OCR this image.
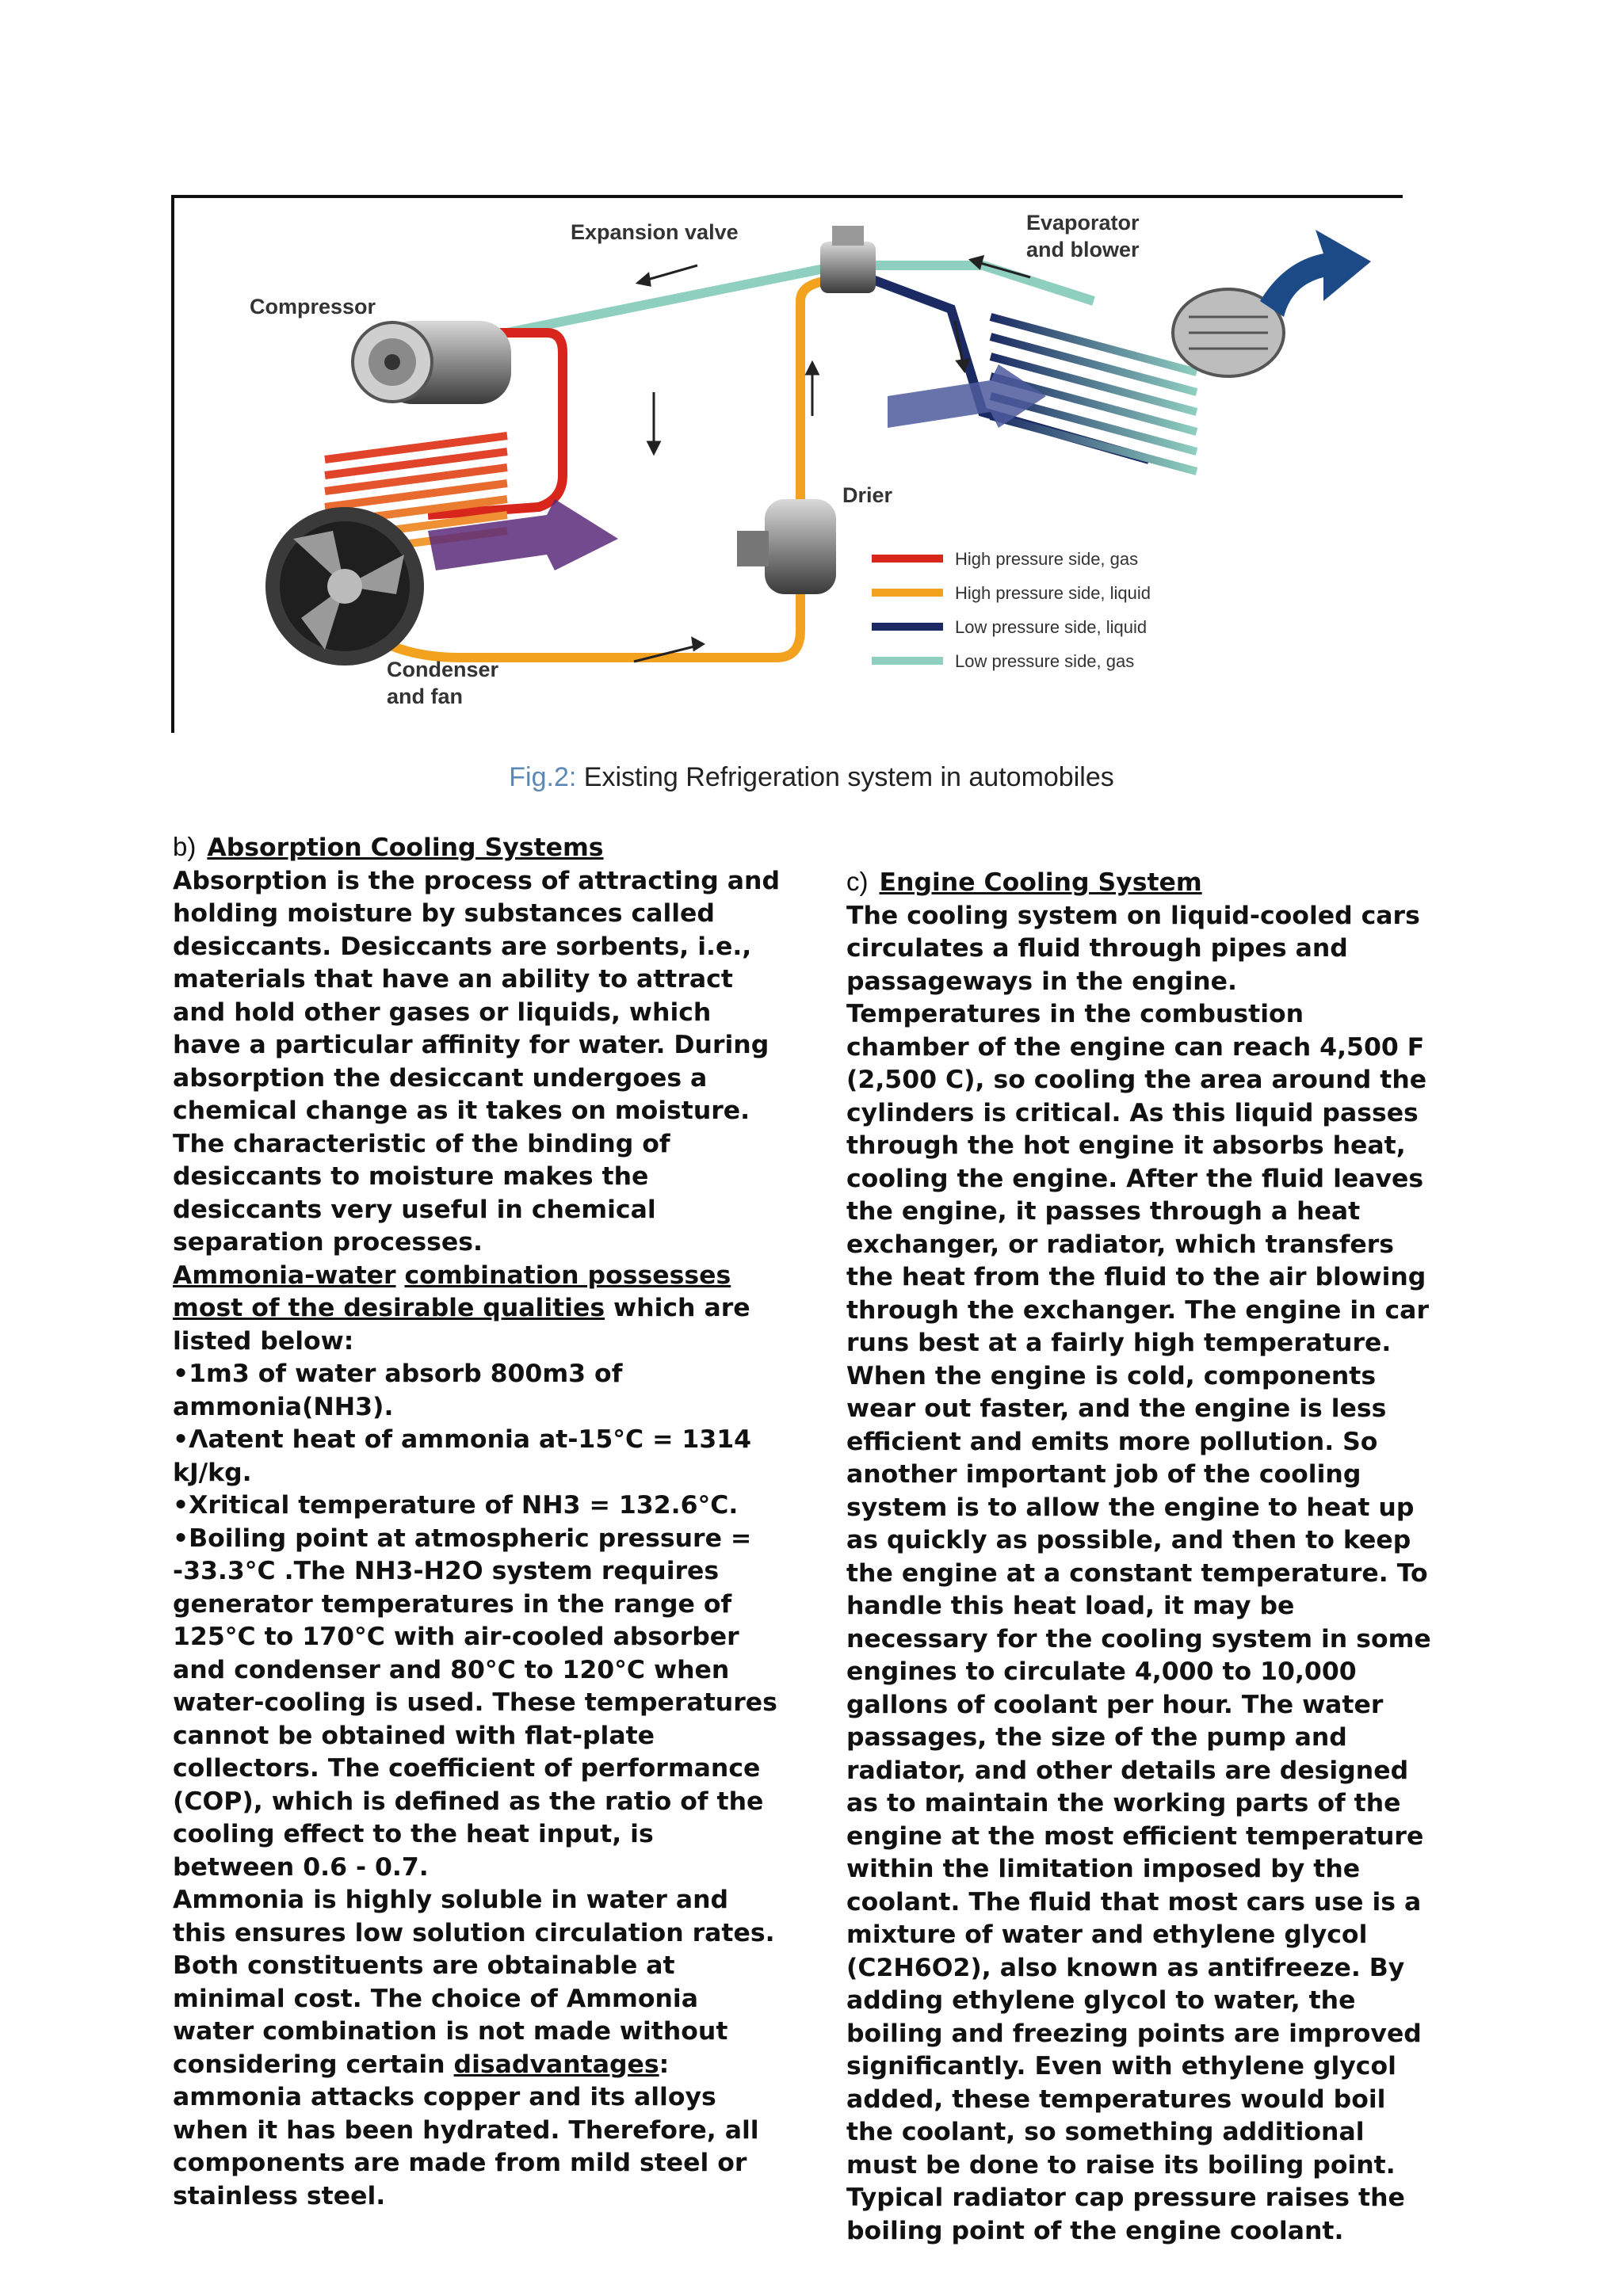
Expansion valve	Evaporator
and blower
Compressor
Drier
Condenser
and fan
High pressure side, gas
High pressure side, liquid
Low pressure side, liquid
Low pressure side, gas
Fig.2: Existing Refrigeration system in automobiles
b) Absorption Cooling Systems
Absorption is the process of attracting and holding moisture by substances called desiccants. Desiccants are sorbents, i.e., materials that have an ability to attract and hold other gases or liquids, which have a particular affinity for water. During absorption the desiccant undergoes a chemical change as it takes on moisture. The characteristic of the binding of desiccants to moisture makes the desiccants very useful in chemical separation processes.
Ammonia-water combination possesses most of the desirable qualities which are listed below:
•1m3 of water absorb 800m3 of ammonia(NH3).
•Λatent heat of ammonia at-15°C = 1314 kJ/kg.
•Χritical temperature of NH3 = 132.6°C.
•Boiling point at atmospheric pressure = -33.3°C .The NH3-H2O system requires generator temperatures in the range of 125°C to 170°C with air-cooled absorber and condenser and 80°C to 120°C when water-cooling is used. These temperatures cannot be obtained with flat-plate collectors. The coefficient of performance (COP), which is defined as the ratio of the cooling effect to the heat input, is between 0.6 - 0.7.
Ammonia is highly soluble in water and this ensures low solution circulation rates. Both constituents are obtainable at minimal cost. The choice of Ammonia water combination is not made without considering certain disadvantages: ammonia attacks copper and its alloys when it has been hydrated. Therefore, all components are made from mild steel or stainless steel.
c) Engine Cooling System
The cooling system on liquid-cooled cars circulates a fluid through pipes and passageways in the engine. Temperatures in the combustion chamber of the engine can reach 4,500 F (2,500 C), so cooling the area around the cylinders is critical. As this liquid passes through the hot engine it absorbs heat, cooling the engine. After the fluid leaves the engine, it passes through a heat exchanger, or radiator, which transfers
the heat from the fluid to the air blowing through the exchanger. The engine in car runs best at a fairly high temperature. When the engine is cold, components wear out faster, and the engine is less efficient and emits more pollution. So another important job of the cooling system is to allow the engine to heat up as quickly as possible, and then to keep the engine at a constant temperature. To handle this heat load, it may be necessary for the cooling system in some engines to circulate 4,000 to 10,000 gallons of coolant per hour. The water passages, the size of the pump and radiator, and other details are designed as to maintain the working parts of the engine at the most efficient temperature within the limitation imposed by the coolant. The fluid that most cars use is a mixture of water and ethylene glycol (C2H6O2), also known as antifreeze. By adding ethylene glycol to water, the boiling and freezing points are improved significantly. Even with ethylene glycol added, these temperatures would boil the coolant, so something additional must be done to raise its boiling point. Typical radiator cap pressure raises the boiling point of the engine coolant.
